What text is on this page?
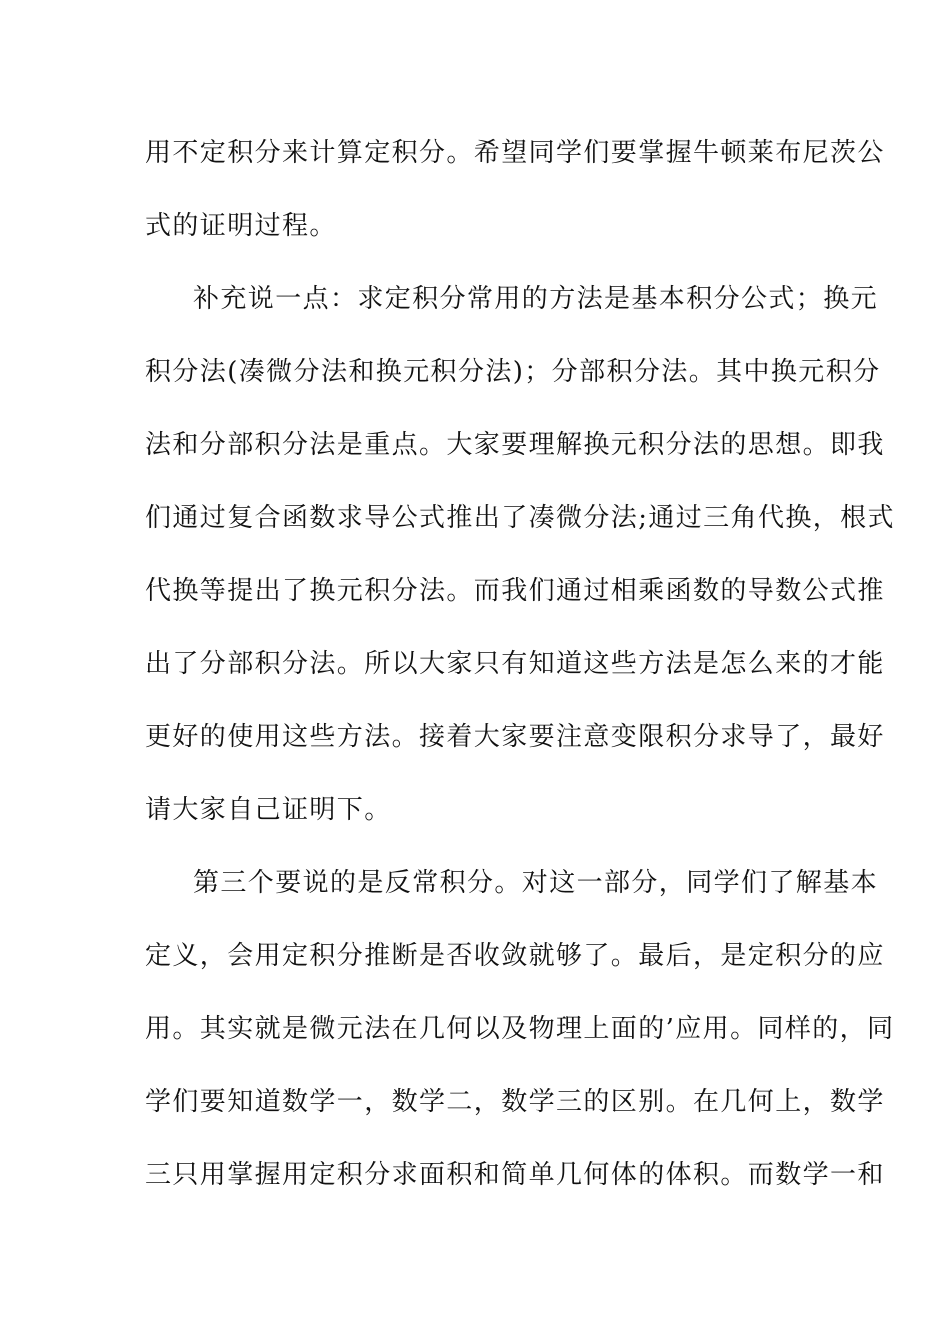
用不定积分来计算定积分。希望同学们要掌握牛顿莱布尼茨公

式的证明过程。

补充说一点：求定积分常用的方法是基本积分公式；换元

积分法(凑微分法和换元积分法)；分部积分法。其中换元积分

法和分部积分法是重点。大家要理解换元积分法的思想。即我

们通过复合函数求导公式推出了凑微分法;通过三角代换，根式

代换等提出了换元积分法。而我们通过相乘函数的导数公式推

出了分部积分法。所以大家只有知道这些方法是怎么来的才能

更好的使用这些方法。接着大家要注意变限积分求导了，最好

请大家自己证明下。

第三个要说的是反常积分。对这一部分，同学们了解基本

定义，会用定积分推断是否收敛就够了。最后，是定积分的应

用。其实就是微元法在几何以及物理上面的’应用。同样的，同

学们要知道数学一，数学二，数学三的区别。在几何上，数学

三只用掌握用定积分求面积和简单几何体的体积。而数学一和
